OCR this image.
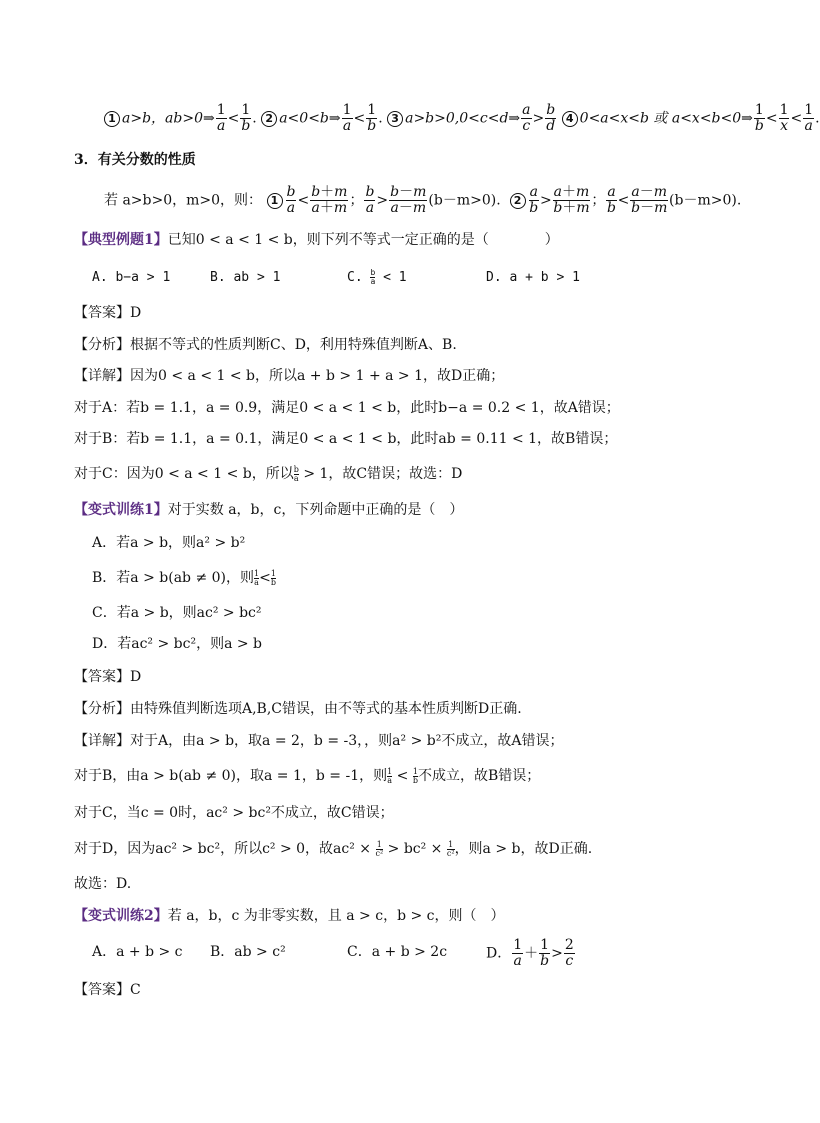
1 a>b，ab>0⇒ $\frac{1}{a} < \frac{1}{b}$ . 2 a<0<b⇒ $\frac{1}{a} < \frac{1}{b}$ . 3 a>b>0,0<c<d⇒ $\frac{a}{c} > \frac{b}{d} 4$ 0<a<x<b 或 a<x<b<0⇒ $\frac{1}{b} < \frac{1}{x} < \frac{1}{a}$ .
3．有关分数的性质
若 a>b>0，m>0，则： $1 \frac{b}{a} < \frac{b+m}{a+m}$ ； $\frac{b}{a} > \frac{b-m}{a-m} (b-m>0)$. $2 \frac{a}{b} > \frac{a+m}{b+m}$ ； $\frac{a}{b} < \frac{a-m}{b-m} (b-m>0)$.
【典型例题1】已知0 < a < 1 < b，则下列不等式一定正确的是（　　　　）
A. b−a > 1	B. ab > 1	C. $\frac{b}{a} < 1$	D. a + b > 1
【答案】D
【分析】根据不等式的性质判断C、D，利用特殊值判断A、B.
【详解】因为0 < a < 1 < b，所以a + b > 1 + a > 1，故D正确；
对于A：若b = 1.1，a = 0.9，满足0 < a < 1 < b，此时b−a = 0.2 < 1，故A错误；
对于B：若b = 1.1，a = 0.1，满足0 < a < 1 < b，此时ab = 0.11 < 1，故B错误；
对于C：因为0 < a < 1 < b，所以 $\frac{b}{a} > 1$，故C错误；故选：D
【变式训练1】对于实数 a，b，c，下列命题中正确的是（　）
A．若a > b，则a² > b²
B．若a > b(ab ≠ 0)，则 $\frac{1}{a} < \frac{1}{b}$
C．若a > b，则ac² > bc²
D．若ac² > bc²，则a > b
【答案】D
【分析】由特殊值判断选项A,B,C错误，由不等式的基本性质判断D正确.
【详解】对于A，由a > b，取a = 2，b = -3，，则a² > b²不成立，故A错误；
对于B，由a > b(ab ≠ 0)，取a = 1，b = -1，则 $\frac{1}{a} < \frac{1}{b}$ 不成立，故B错误；
对于C，当c = 0时，ac² > bc²不成立，故C错误；
对于D，因为ac² > bc²，所以c² > 0，故$ac^2 \times \frac{1}{\text{c²}} > bc^2 \times \frac{1}{\text{c²}}$ ，则a > b，故D正确.
故选：D.
【变式训练2】若 a，b，c 为非零实数，且 a > c，b > c，则（　）
A．a + b > c B．ab > c²	C．a + b > 2c	D． $\frac{1}{a} + \frac{1}{b} > \frac{2}{c}$
【答案】C
